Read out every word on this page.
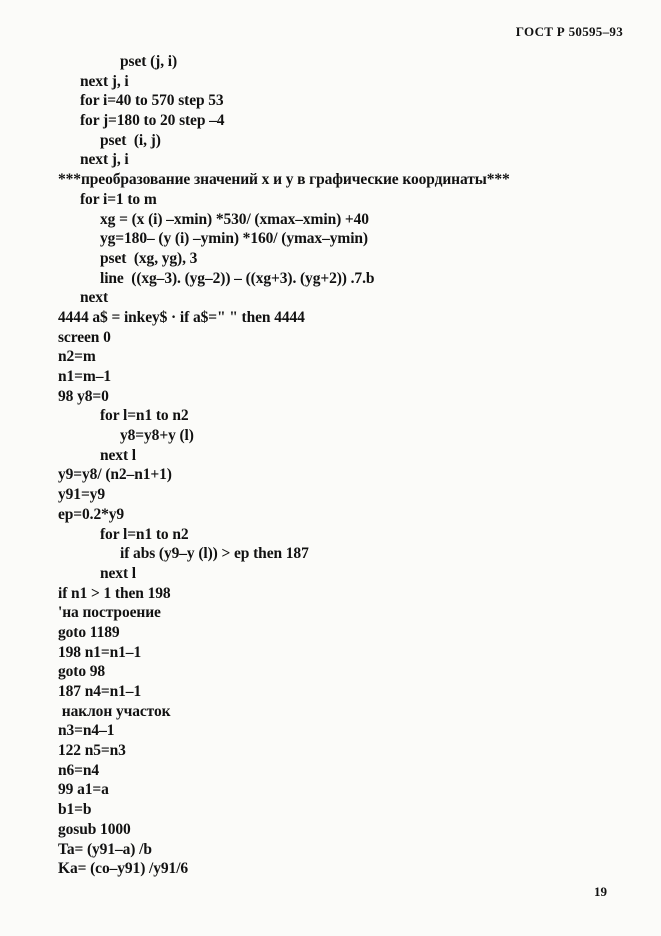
ГОСТ Р 50595–93
pset (j, i)
next j, i
for i=40 to 570 step 53
for j=180 to 20 step –4
pset  (i, j)
next j, i
***преобразование значений x и y в графические координаты***
for i=1 to m
xg = (x (i) –xmin) *530/ (xmax–xmin) +40
yg=180– (y (i) –ymin) *160/ (ymax–ymin)
pset  (xg, yg), 3
line  ((xg–3). (yg–2)) – ((xg+3). (yg+2)) .7.b
next
4444 a$ = inkey$ · if a$=" " then 4444
screen 0
n2=m
n1=m–1
98 y8=0
for l=n1 to n2
y8=y8+y (l)
next l
y9=y8/ (n2–n1+1)
y91=y9
ep=0.2*y9
for l=n1 to n2
if abs (y9–y (l)) > ep then 187
next l
if n1 > 1 then 198
'на построение
goto 1189
198 n1=n1–1
goto 98
187 n4=n1–1
наклон участок
n3=n4–1
122 n5=n3
n6=n4
99 a1=a
b1=b
gosub 1000
Ta= (y91–a) /b
Ka= (co–y91) /y91/6
19
